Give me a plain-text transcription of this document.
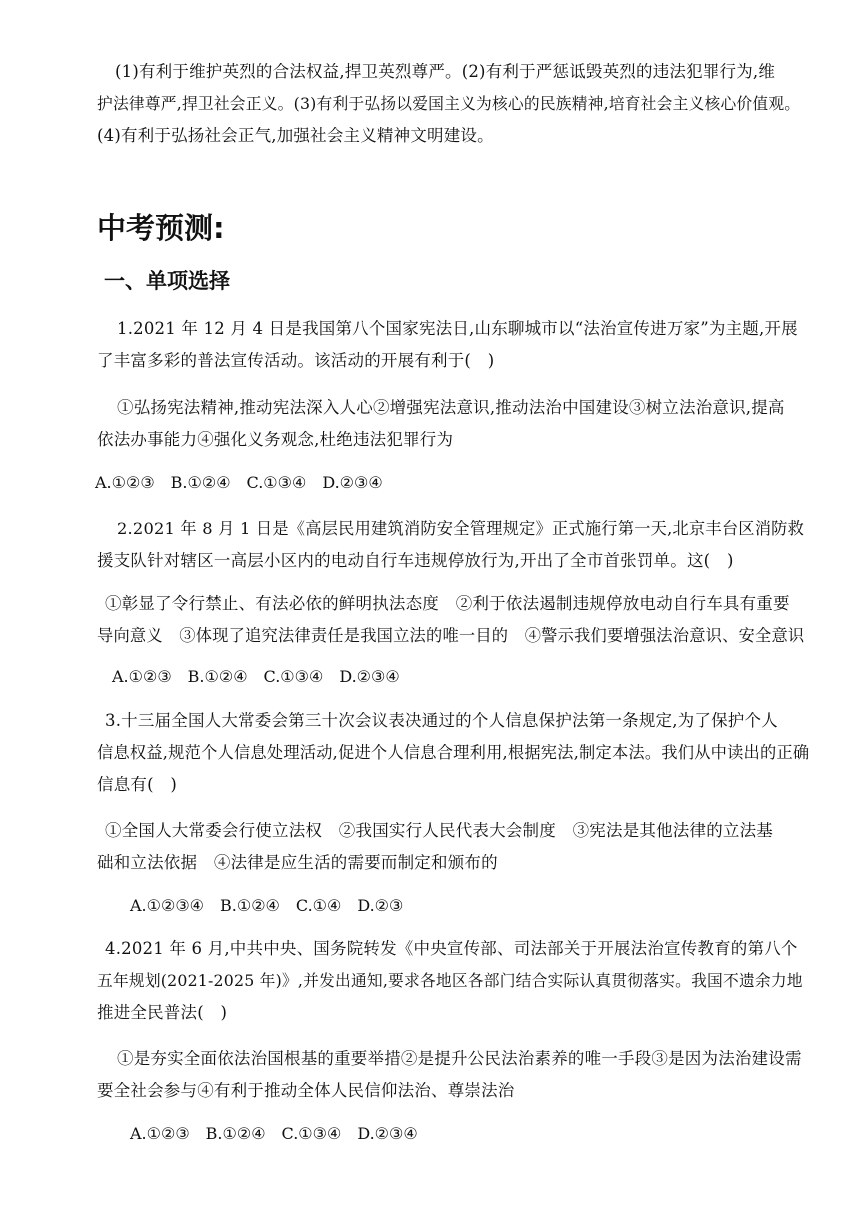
(1)有利于维护英烈的合法权益,捍卫英烈尊严。(2)有利于严惩诋毁英烈的违法犯罪行为,维
护法律尊严,捍卫社会正义。(3)有利于弘扬以爱国主义为核心的民族精神,培育社会主义核心价值观。
(4)有利于弘扬社会正气,加强社会主义精神文明建设。
中考预测:
一、单项选择
1.2021 年 12 月 4 日是我国第八个国家宪法日,山东聊城市以“法治宣传进万家”为主题,开展
了丰富多彩的普法宣传活动。该活动的开展有利于(　)
①弘扬宪法精神,推动宪法深入人心②增强宪法意识,推动法治中国建设③树立法治意识,提高
依法办事能力④强化义务观念,杜绝违法犯罪行为
A.①②③　B.①②④　C.①③④　D.②③④
2.2021 年 8 月 1 日是《高层民用建筑消防安全管理规定》正式施行第一天,北京丰台区消防救
援支队针对辖区一高层小区内的电动自行车违规停放行为,开出了全市首张罚单。这(　)
①彰显了令行禁止、有法必依的鲜明执法态度　②利于依法遏制违规停放电动自行车具有重要
导向意义　③体现了追究法律责任是我国立法的唯一目的　④警示我们要增强法治意识、安全意识
A.①②③　B.①②④　C.①③④　D.②③④
3.十三届全国人大常委会第三十次会议表决通过的个人信息保护法第一条规定,为了保护个人
信息权益,规范个人信息处理活动,促进个人信息合理利用,根据宪法,制定本法。我们从中读出的正确
信息有(　)
①全国人大常委会行使立法权　②我国实行人民代表大会制度　③宪法是其他法律的立法基
础和立法依据　④法律是应生活的需要而制定和颁布的
A.①②③④　B.①②④　C.①④　D.②③
4.2021 年 6 月,中共中央、国务院转发《中央宣传部、司法部关于开展法治宣传教育的第八个
五年规划(2021-2025 年)》,并发出通知,要求各地区各部门结合实际认真贯彻落实。我国不遗余力地
推进全民普法(　)
①是夯实全面依法治国根基的重要举措②是提升公民法治素养的唯一手段③是因为法治建设需
要全社会参与④有利于推动全体人民信仰法治、尊崇法治
A.①②③　B.①②④　C.①③④　D.②③④
